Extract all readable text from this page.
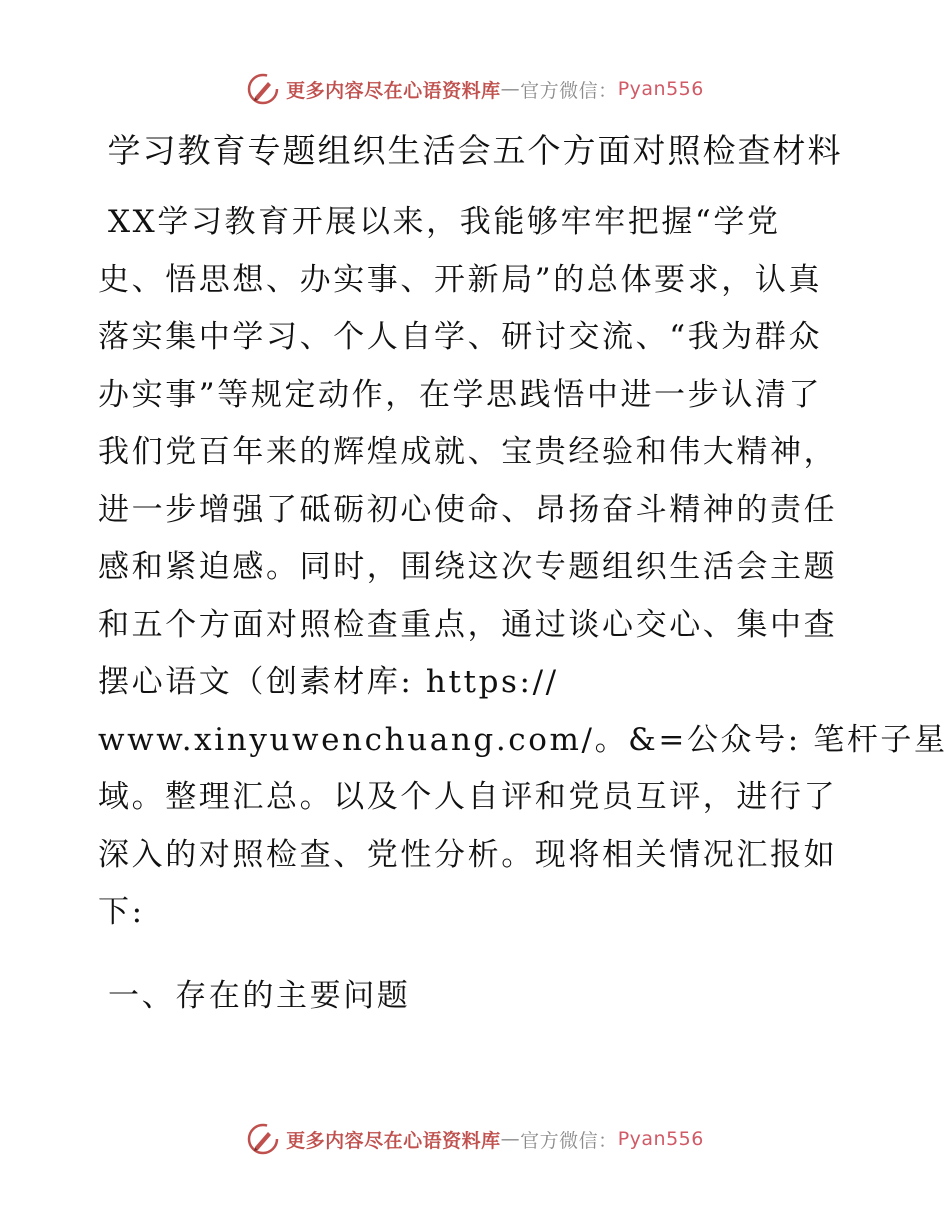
更多内容尽在心语资料库 — 官方微信： Pyan556
学习教育专题组织生活会五个方面对照检查材料
XX学习教育开展以来，我能够牢牢把握“学党
史、悟思想、办实事、开新局”的总体要求，认真
落实集中学习、个人自学、研讨交流、“我为群众
办实事”等规定动作，在学思践悟中进一步认清了
我们党百年来的辉煌成就、宝贵经验和伟大精神，
进一步增强了砥砺初心使命、昂扬奋斗精神的责任
感和紧迫感。同时，围绕这次专题组织生活会主题
和五个方面对照检查重点，通过谈心交心、集中查
摆心语文（创素材库: https://
www.xinyuwenchuang.com/。&=公众号: 笔杆子星
域。整理汇总。以及个人自评和党员互评，进行了
深入的对照检查、党性分析。现将相关情况汇报如
下:
一、存在的主要问题
更多内容尽在心语资料库 — 官方微信： Pyan556
